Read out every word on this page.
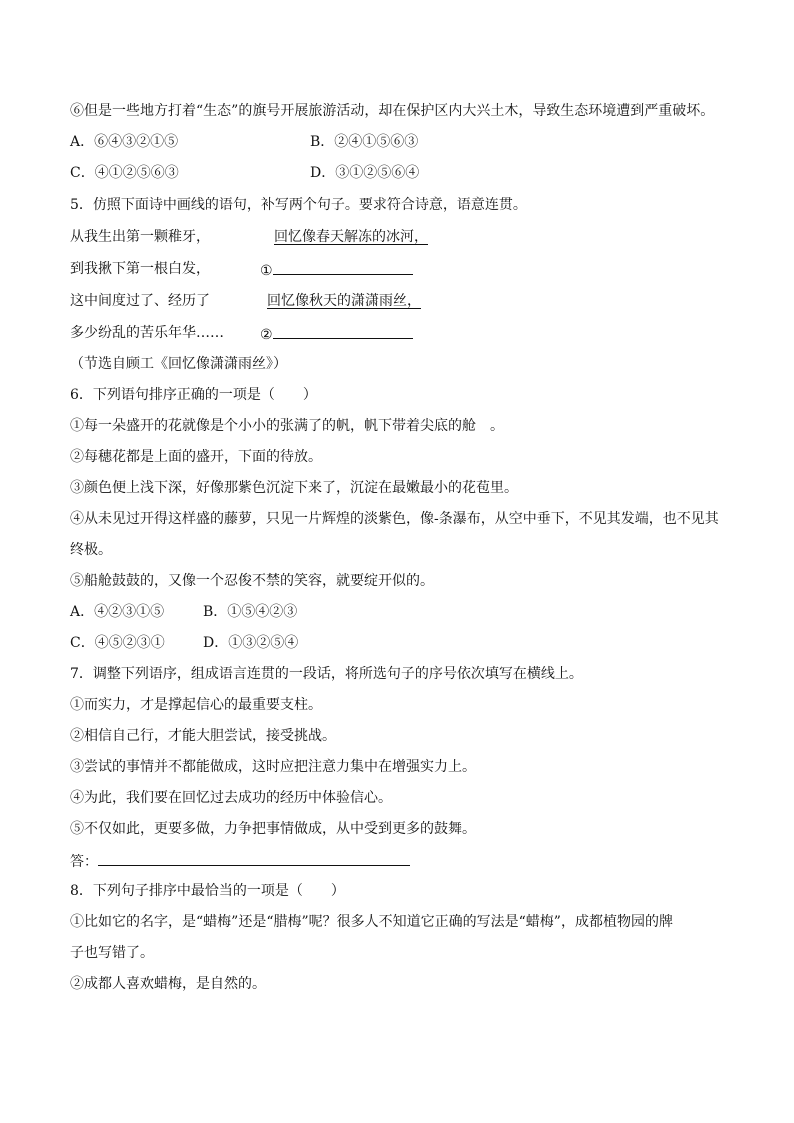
⑥但是一些地方打着“生态”的旗号开展旅游活动，却在保护区内大兴土木，导致生态环境遭到严重破坏。
A．⑥④③②①⑤	B．②④①⑤⑥③
C．④①②⑤⑥③	D．③①②⑤⑥④
5．仿照下面诗中画线的语句，补写两个句子。要求符合诗意，语意连贯。
从我生出第一颗稚牙，	回忆像春天解冻的冰河，
到我揪下第一根白发，	①
这中间度过了、经历了	回忆像秋天的潇潇雨丝，
多少纷乱的苦乐年华……	②
（节选自顾工《回忆像潇潇雨丝》）
6．下列语句排序正确的一项是（　　）
①每一朵盛开的花就像是个小小的张满了的帆，帆下带着尖底的舱　。
②每穗花都是上面的盛开，下面的待放。
③颜色便上浅下深，好像那紫色沉淀下来了，沉淀在最嫩最小的花苞里。
④从未见过开得这样盛的藤萝，只见一片辉煌的淡紫色，像-条瀑布，从空中垂下，不见其发端，也不见其
终极。
⑤船舱鼓鼓的，又像一个忍俊不禁的笑容，就要绽开似的。
A．④②③①⑤	B．①⑤④②③
C．④⑤②③①	D．①③②⑤④
7．调整下列语序，组成语言连贯的一段话，将所选句子的序号依次填写在横线上。
①而实力，才是撑起信心的最重要支柱。
②相信自己行，才能大胆尝试，接受挑战。
③尝试的事情并不都能做成，这时应把注意力集中在增强实力上。
④为此，我们要在回忆过去成功的经历中体验信心。
⑤不仅如此，更要多做，力争把事情做成，从中受到更多的鼓舞。
答：
8．下列句子排序中最恰当的一项是（　　）
①比如它的名字，是“蜡梅”还是“腊梅”呢？很多人不知道它正确的写法是“蜡梅”，成都植物园的牌
子也写错了。
②成都人喜欢蜡梅，是自然的。
